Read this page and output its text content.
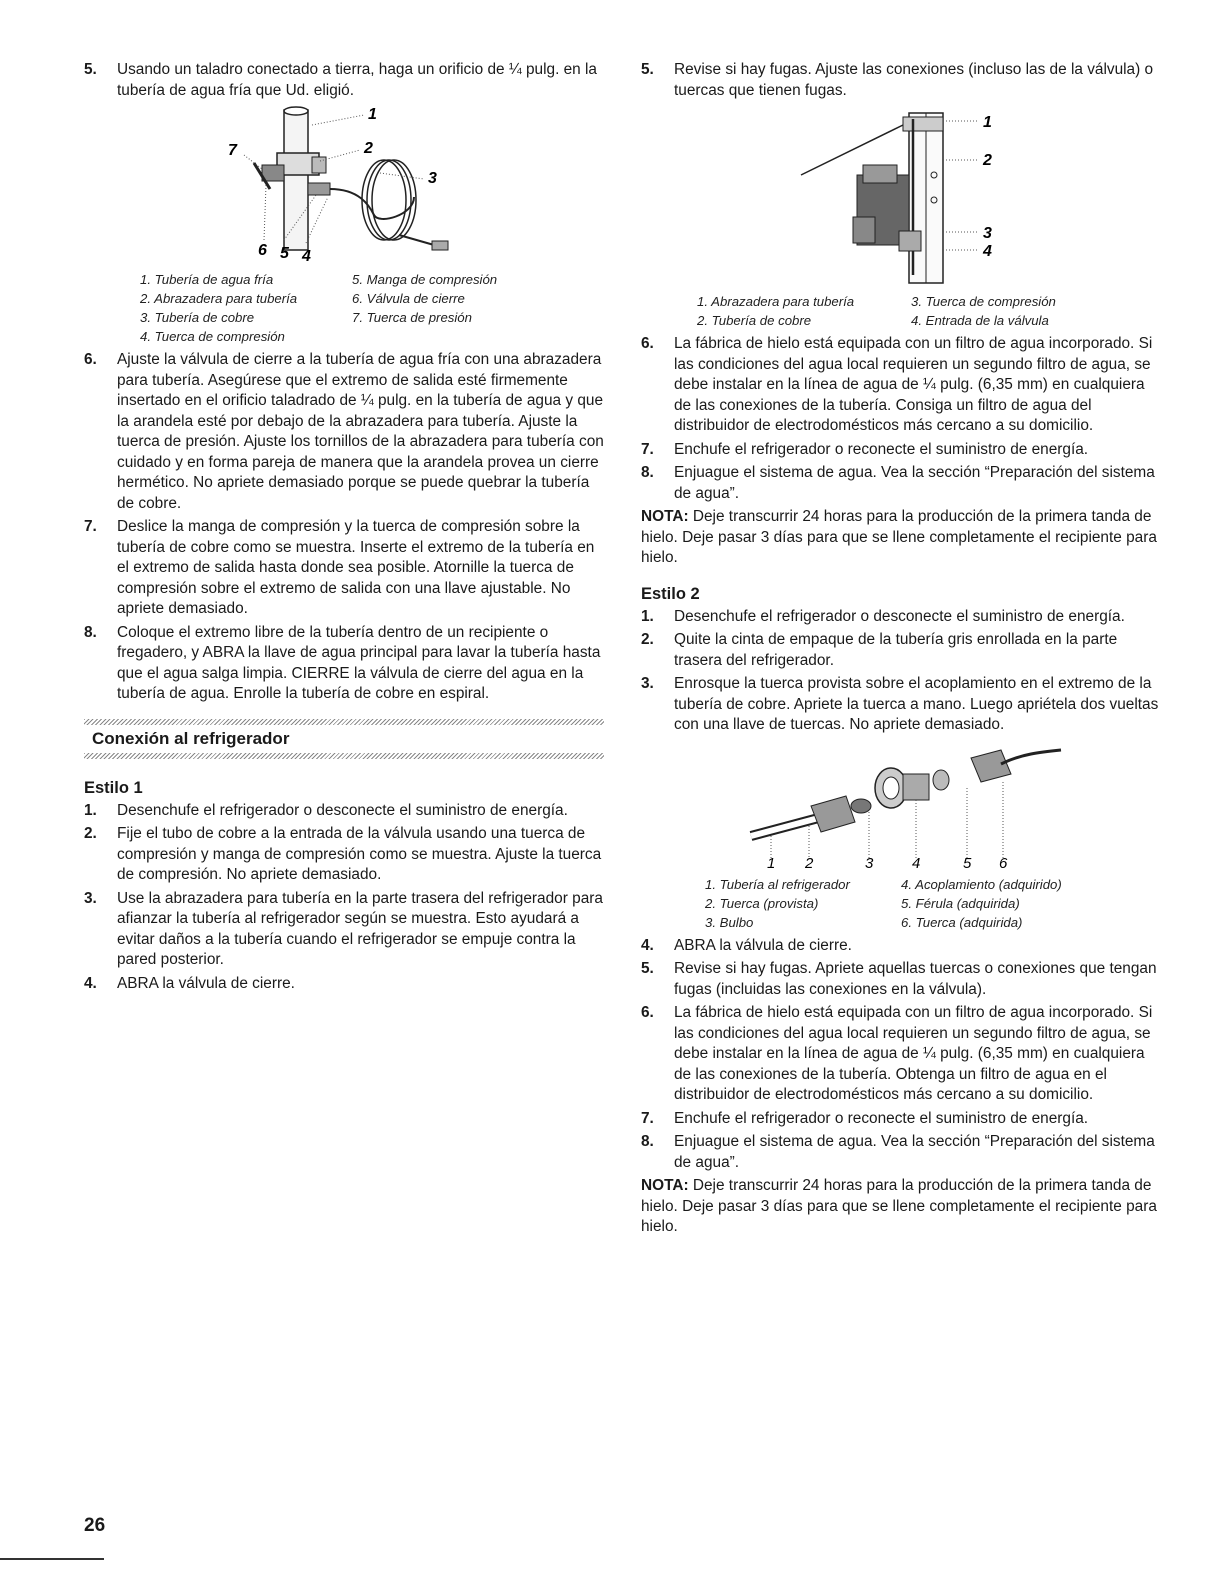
5. Usando un taladro conectado a tierra, haga un orificio de ¼ pulg. en la tubería de agua fría que Ud. eligió.
1
2
3
4
5
6
7
1. Tubería de agua fría
2. Abrazadera para tubería
3. Tubería de cobre
4. Tuerca de compresión
5. Manga de compresión
6. Válvula de cierre
7. Tuerca de presión
6. Ajuste la válvula de cierre a la tubería de agua fría con una abrazadera para tubería. Asegúrese que el extremo de salida esté firmemente insertado en el orificio taladrado de ¼ pulg. en la tubería de agua y que la arandela esté por debajo de la abrazadera para tubería. Ajuste la tuerca de presión. Ajuste los tornillos de la abrazadera para tubería con cuidado y en forma pareja de manera que la arandela provea un cierre hermético. No apriete demasiado porque se puede quebrar la tubería de cobre.
7. Deslice la manga de compresión y la tuerca de compresión sobre la tubería de cobre como se muestra. Inserte el extremo de la tubería en el extremo de salida hasta donde sea posible. Atornille la tuerca de compresión sobre el extremo de salida con una llave ajustable. No apriete demasiado.
8. Coloque el extremo libre de la tubería dentro de un recipiente o fregadero, y ABRA la llave de agua principal para lavar la tubería hasta que el agua salga limpia. CIERRE la válvula de cierre del agua en la tubería de agua. Enrolle la tubería de cobre en espiral.
Conexión al refrigerador
Estilo 1
1. Desenchufe el refrigerador o desconecte el suministro de energía.
2. Fije el tubo de cobre a la entrada de la válvula usando una tuerca de compresión y manga de compresión como se muestra. Ajuste la tuerca de compresión. No apriete demasiado.
3. Use la abrazadera para tubería en la parte trasera del refrigerador para afianzar la tubería al refrigerador según se muestra. Esto ayudará a evitar daños a la tubería cuando el refrigerador se empuje contra la pared posterior.
4. ABRA la válvula de cierre.
5. Revise si hay fugas. Ajuste las conexiones (incluso las de la válvula) o tuercas que tienen fugas.
1
2
3
4
1. Abrazadera para tubería
2. Tubería de cobre
3. Tuerca de compresión
4. Entrada de la válvula
6. La fábrica de hielo está equipada con un filtro de agua incorporado. Si las condiciones del agua local requieren un segundo filtro de agua, se debe instalar en la línea de agua de ¼ pulg. (6,35 mm) en cualquiera de las conexiones de la tubería. Consiga un filtro de agua del distribuidor de electrodomésticos más cercano a su domicilio.
7. Enchufe el refrigerador o reconecte el suministro de energía.
8. Enjuague el sistema de agua. Vea la sección “Preparación del sistema de agua”.
NOTA: Deje transcurrir 24 horas para la producción de la primera tanda de hielo. Deje pasar 3 días para que se llene completamente el recipiente para hielo.
Estilo 2
1. Desenchufe el refrigerador o desconecte el suministro de energía.
2. Quite la cinta de empaque de la tubería gris enrollada en la parte trasera del refrigerador.
3. Enrosque la tuerca provista sobre el acoplamiento en el extremo de la tubería de cobre. Apriete la tuerca a mano. Luego apriétela dos vueltas con una llave de tuercas. No apriete demasiado.
1 2	3	4	5 6
1. Tubería al refrigerador
2. Tuerca (provista)
3. Bulbo
4. Acoplamiento (adquirido)
5. Férula (adquirida)
6. Tuerca (adquirida)
4. ABRA la válvula de cierre.
5. Revise si hay fugas. Apriete aquellas tuercas o conexiones que tengan fugas (incluidas las conexiones en la válvula).
6. La fábrica de hielo está equipada con un filtro de agua incorporado. Si las condiciones del agua local requieren un segundo filtro de agua, se debe instalar en la línea de agua de ¼ pulg. (6,35 mm) en cualquiera de las conexiones de la tubería. Obtenga un filtro de agua en el distribuidor de electrodomésticos más cercano a su domicilio.
7. Enchufe el refrigerador o reconecte el suministro de energía.
8. Enjuague el sistema de agua. Vea la sección “Preparación del sistema de agua”.
NOTA: Deje transcurrir 24 horas para la producción de la primera tanda de hielo. Deje pasar 3 días para que se llene completamente el recipiente para hielo.
26
